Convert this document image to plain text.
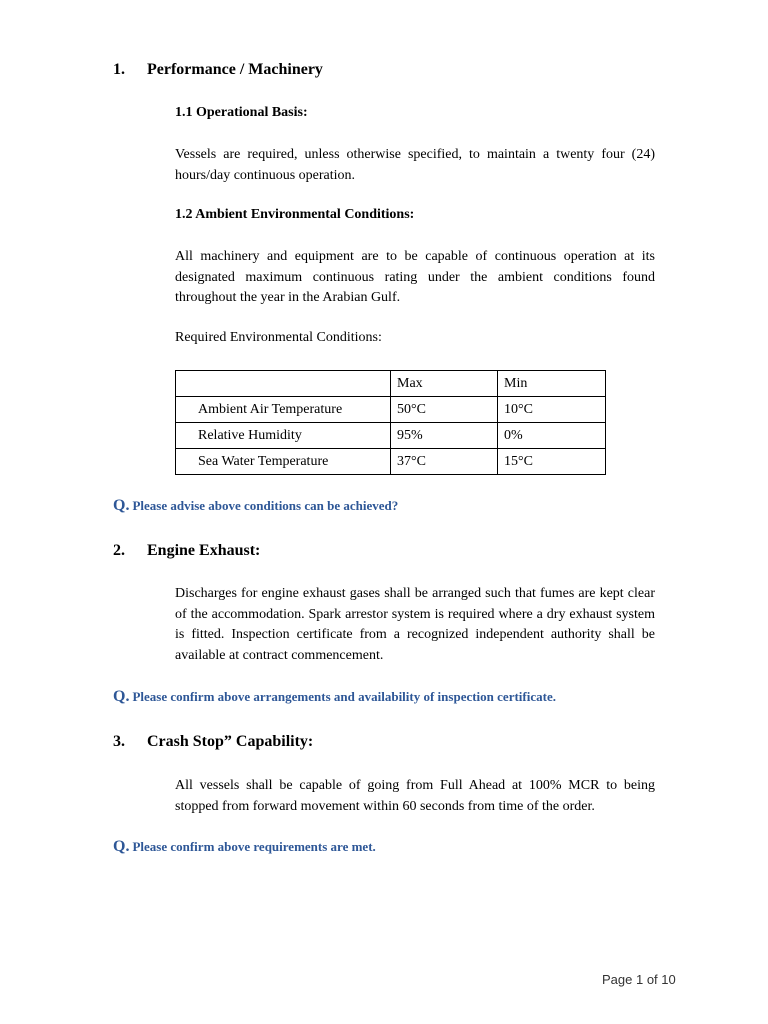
1. Performance / Machinery
1.1 Operational Basis:
Vessels are required, unless otherwise specified, to maintain a twenty four (24) hours/day continuous operation.
1.2 Ambient Environmental Conditions:
All machinery and equipment are to be capable of continuous operation at its designated maximum continuous rating under the ambient conditions found throughout the year in the Arabian Gulf.
Required Environmental Conditions:
	Max	Min
Ambient Air Temperature	50°C	10°C
Relative Humidity	95%	0%
Sea Water Temperature	37°C	15°C
Q. Please advise above conditions can be achieved?
2. Engine Exhaust:
Discharges for engine exhaust gases shall be arranged such that fumes are kept clear of the accommodation. Spark arrestor system is required where a dry exhaust system is fitted. Inspection certificate from a recognized independent authority shall be available at contract commencement.
Q. Please confirm above arrangements and availability of inspection certificate.
3. Crash Stop” Capability:
All vessels shall be capable of going from Full Ahead at 100% MCR to being stopped from forward movement within 60 seconds from time of the order.
Q. Please confirm above requirements are met.
Page 1 of 10
